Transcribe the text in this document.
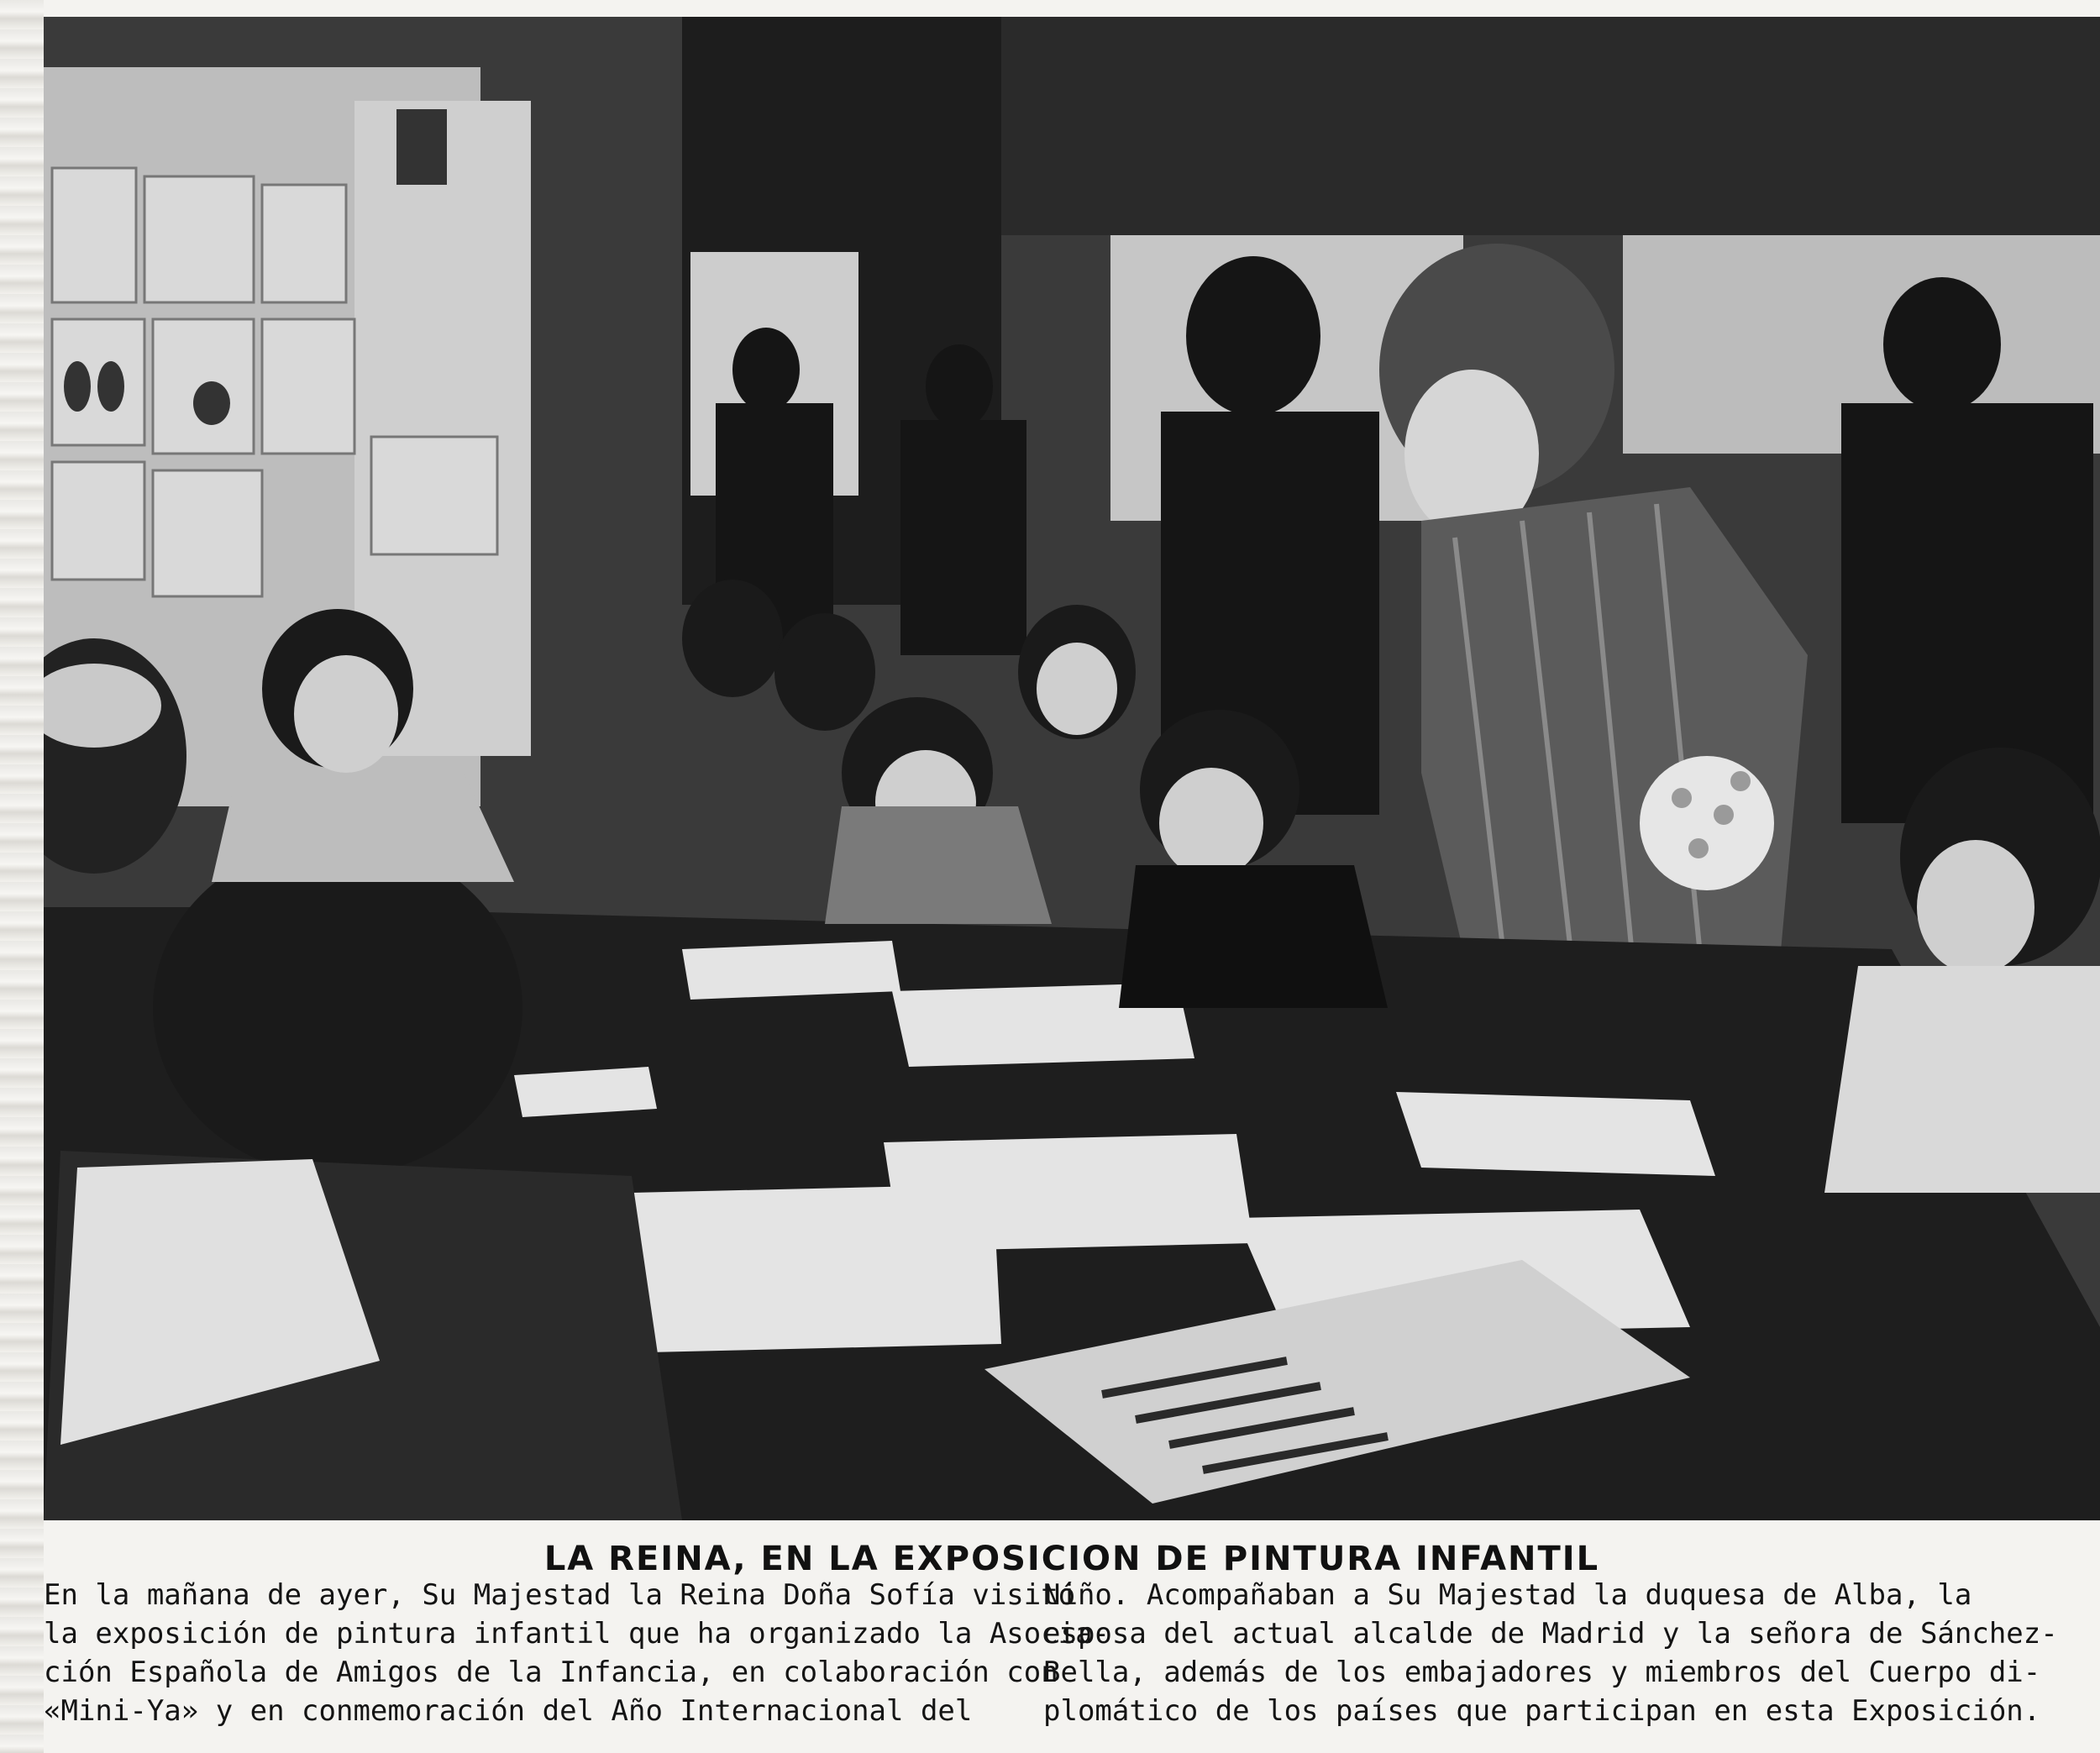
LA REINA, EN LA EXPOSICION DE PINTURA INFANTIL

En la mañana de ayer, Su Majestad la Reina Doña Sofía visitó

la exposición de pintura infantil que ha organizado la Asocia-

ción Española de Amigos de la Infancia, en colaboración con

«Mini-Ya» y en conmemoración del Año Internacional del

Niño. Acompañaban a Su Majestad la duquesa de Alba, la

esposa del actual alcalde de Madrid y la señora de Sánchez-

Bella, además de los embajadores y miembros del Cuerpo di-

plomático de los países que participan en esta Exposición.
